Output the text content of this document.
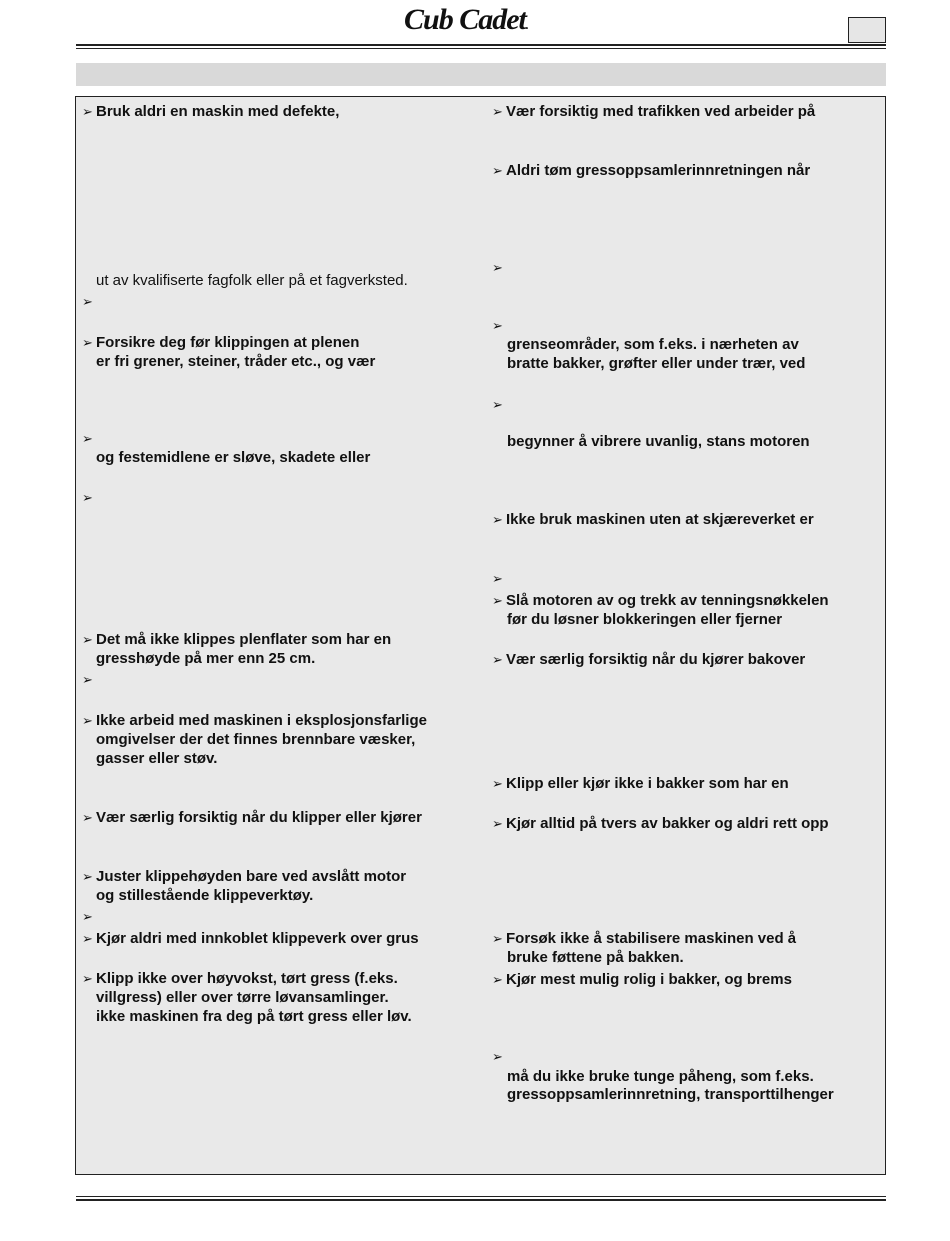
Cub Cadet.
➢ Bruk aldri en maskin med defekte,
ut av kvalifiserte fagfolk eller på et fagverksted.
➢
➢ Forsikre deg før klippingen at plenen
er fri grener, steiner, tråder etc., og vær
➢
og festemidlene er sløve, skadete eller
➢
➢ Det må ikke klippes plenflater som har en
gresshøyde på mer enn 25 cm.
➢
➢ Ikke arbeid med maskinen i eksplosjonsfarlige
omgivelser der det finnes brennbare væsker,
gasser eller støv.
➢ Vær særlig forsiktig når du klipper eller kjører
➢ Juster klippehøyden bare ved avslått motor
og stillestående klippeverktøy.
➢
➢ Kjør aldri med innkoblet klippeverk over grus
➢ Klipp ikke over høyvokst, tørt gress (f.eks.
villgress) eller over tørre løvansamlinger.
ikke maskinen fra deg på tørt gress eller løv.
➢ Vær forsiktig med trafikken ved arbeider på
➢ Aldri tøm gressoppsamlerinnretningen når
➢
➢
grenseområder, som f.eks. i nærheten av
bratte bakker, grøfter eller under trær, ved
➢
begynner å vibrere uvanlig, stans motoren
➢ Ikke bruk maskinen uten at skjæreverket er
➢
➢ Slå motoren av og trekk av tenningsnøkkelen
før du løsner blokkeringen eller fjerner
➢ Vær særlig forsiktig når du kjører bakover
➢ Klipp eller kjør ikke i bakker som har en
➢ Kjør alltid på tvers av bakker og aldri rett opp
➢ Forsøk ikke å stabilisere maskinen ved å
bruke føttene på bakken.
➢ Kjør mest mulig rolig i bakker, og brems
➢
må du ikke bruke tunge påheng, som f.eks.
gressoppsamlerinnretning, transporttilhenger
